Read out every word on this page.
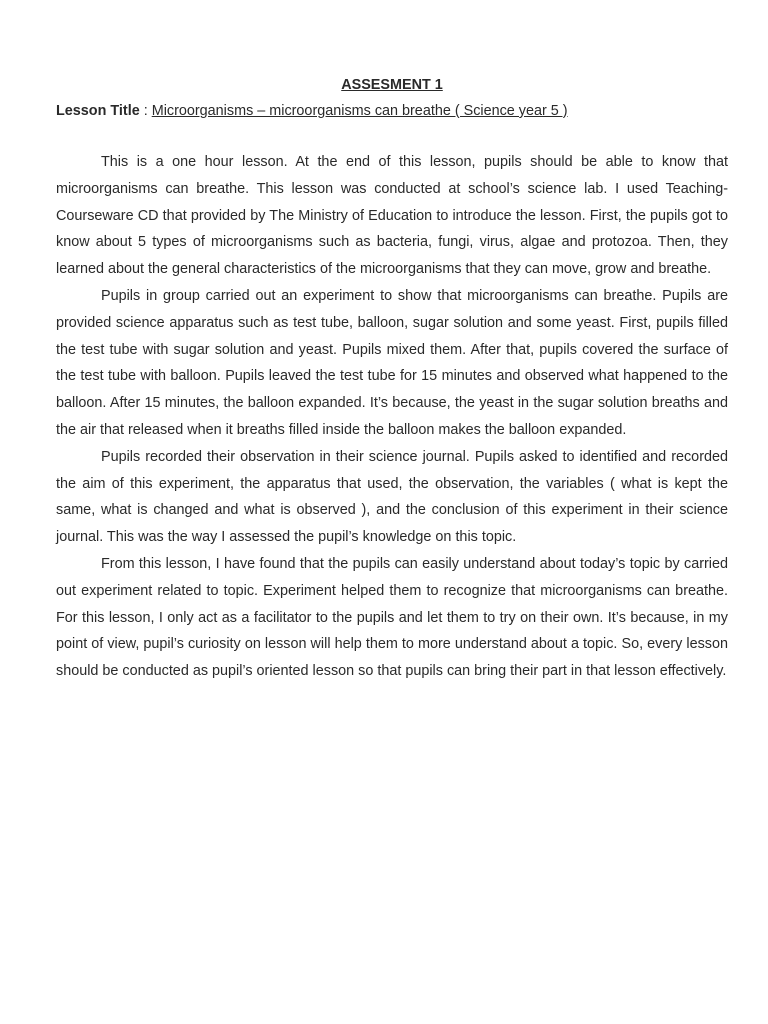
ASSESMENT 1

Lesson Title : Microorganisms – microorganisms can breathe ( Science year 5 )

This is a one hour lesson. At the end of this lesson, pupils should be able to know that microorganisms can breathe. This lesson was conducted at school’s science lab. I used Teaching-Courseware CD that provided by The Ministry of Education to introduce the lesson. First, the pupils got to know about 5 types of microorganisms such as bacteria, fungi, virus, algae and protozoa. Then, they learned about the general characteristics of the microorganisms that they can move, grow and breathe.

Pupils in group carried out an experiment to show that microorganisms can breathe. Pupils are provided science apparatus such as test tube, balloon, sugar solution and some yeast. First, pupils filled the test tube with sugar solution and yeast. Pupils mixed them. After that, pupils covered the surface of the test tube with balloon. Pupils leaved the test tube for 15 minutes and observed what happened to the balloon. After 15 minutes, the balloon expanded. It’s because, the yeast in the sugar solution breaths and the air that released when it breaths filled inside the balloon makes the balloon expanded.

Pupils recorded their observation in their science journal. Pupils asked to identified and recorded the aim of this experiment, the apparatus that used, the observation, the variables ( what is kept the same, what is changed and what is observed ), and the conclusion of this experiment in their science journal. This was the way I assessed the pupil’s knowledge on this topic.

From this lesson, I have found that the pupils can easily understand about today’s topic by carried out experiment related to topic. Experiment helped them to recognize that microorganisms can breathe. For this lesson, I only act as a facilitator to the pupils and let them to try on their own. It’s because, in my point of view, pupil’s curiosity on lesson will help them to more understand about a topic. So, every lesson should be conducted as pupil’s oriented lesson so that pupils can bring their part in that lesson effectively.
